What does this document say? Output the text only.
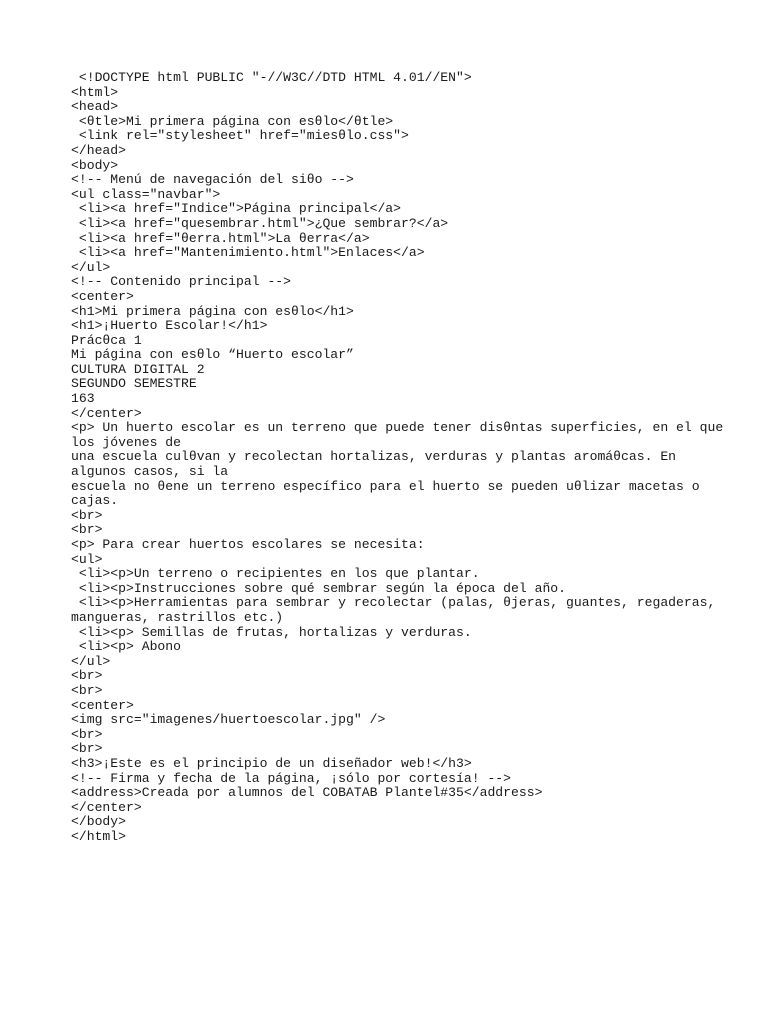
<!DOCTYPE html PUBLIC "-//W3C//DTD HTML 4.01//EN">
<html>
<head>
<θtle>Mi primera página con esθlo</θtle>
<link rel="stylesheet" href="miesθlo.css">
</head>
<body>
<!-- Menú de navegación del siθo -->
<ul class="navbar">
<li><a href="Indice">Página principal</a>
<li><a href="quesembrar.html">¿Que sembrar?</a>
<li><a href="θerra.html">La θerra</a>
<li><a href="Mantenimiento.html">Enlaces</a>
</ul>
<!-- Contenido principal -->
<center>
<h1>Mi primera página con esθlo</h1>
<h1>¡Huerto Escolar!</h1>
Prácθca 1
Mi página con esθlo “Huerto escolar”
CULTURA DIGITAL 2
SEGUNDO SEMESTRE
163
</center>
<p> Un huerto escolar es un terreno que puede tener disθntas superficies, en el que
los jóvenes de
una escuela culθvan y recolectan hortalizas, verduras y plantas aromáθcas. En
algunos casos, si la
escuela no θene un terreno específico para el huerto se pueden uθlizar macetas o
cajas.
<br>
<br>
<p> Para crear huertos escolares se necesita:
<ul>
<li><p>Un terreno o recipientes en los que plantar.
<li><p>Instrucciones sobre qué sembrar según la época del año.
<li><p>Herramientas para sembrar y recolectar (palas, θjeras, guantes, regaderas,
mangueras, rastrillos etc.)
<li><p> Semillas de frutas, hortalizas y verduras.
<li><p> Abono
</ul>
<br>
<br>
<center>
<img src="imagenes/huertoescolar.jpg" />
<br>
<br>
<h3>¡Este es el principio de un diseñador web!</h3>
<!-- Firma y fecha de la página, ¡sólo por cortesía! -->
<address>Creada por alumnos del COBATAB Plantel#35</address>
</center>
</body>
</html>
